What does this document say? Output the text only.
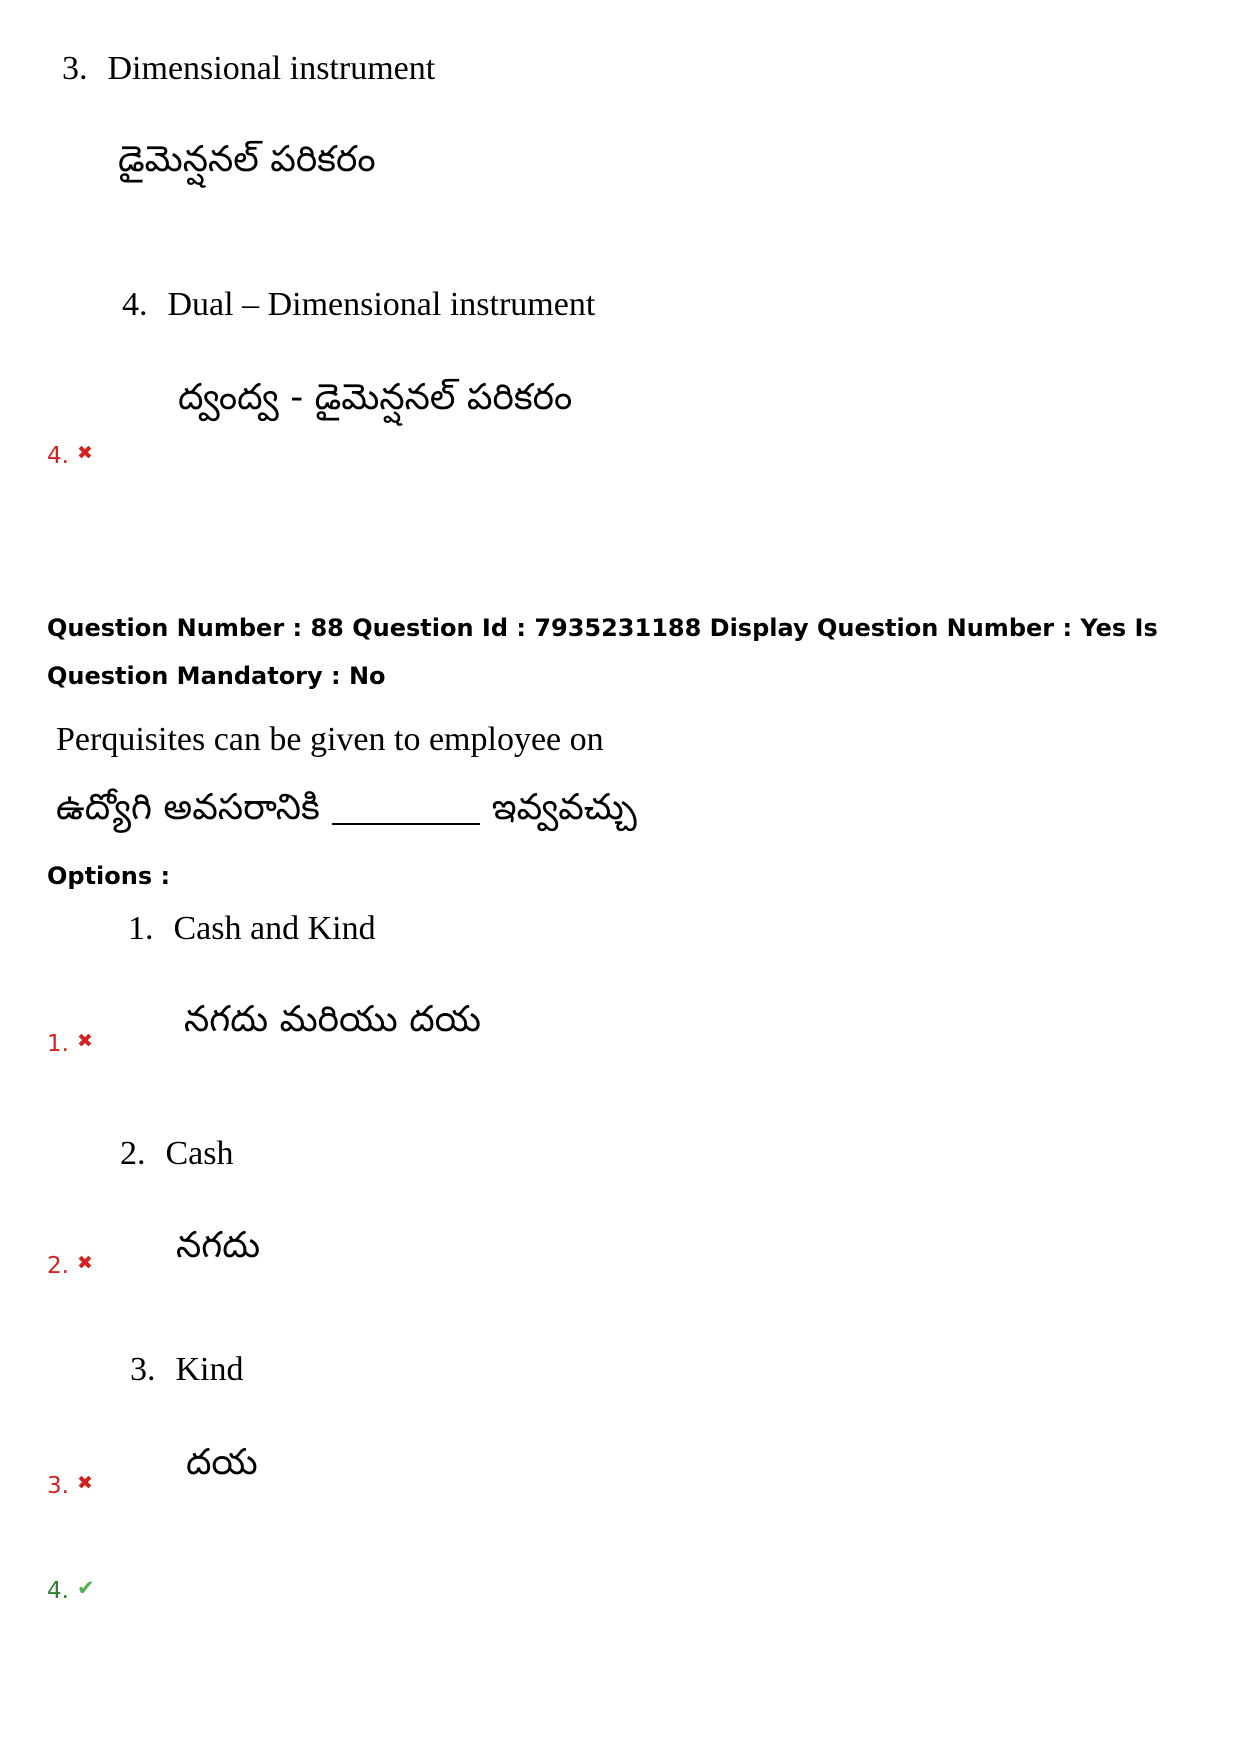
3. Dimensional instrument
డైమెన్షనల్ పరికరం
4. Dual – Dimensional instrument
ద్వంద్వ - డైమెన్షనల్ పరికరం
4. ✖
Question Number : 88 Question Id : 7935231188 Display Question Number : Yes Is Question Mandatory : No
Perquisites can be given to employee on
ఉద్యోగి అవసరానికి	ఇవ్వవచ్చు
Options :
1. Cash and Kind
నగదు మరియు దయ
1. ✖
2. Cash
నగదు
2. ✖
3. Kind
దయ
3. ✖
4. ✔
